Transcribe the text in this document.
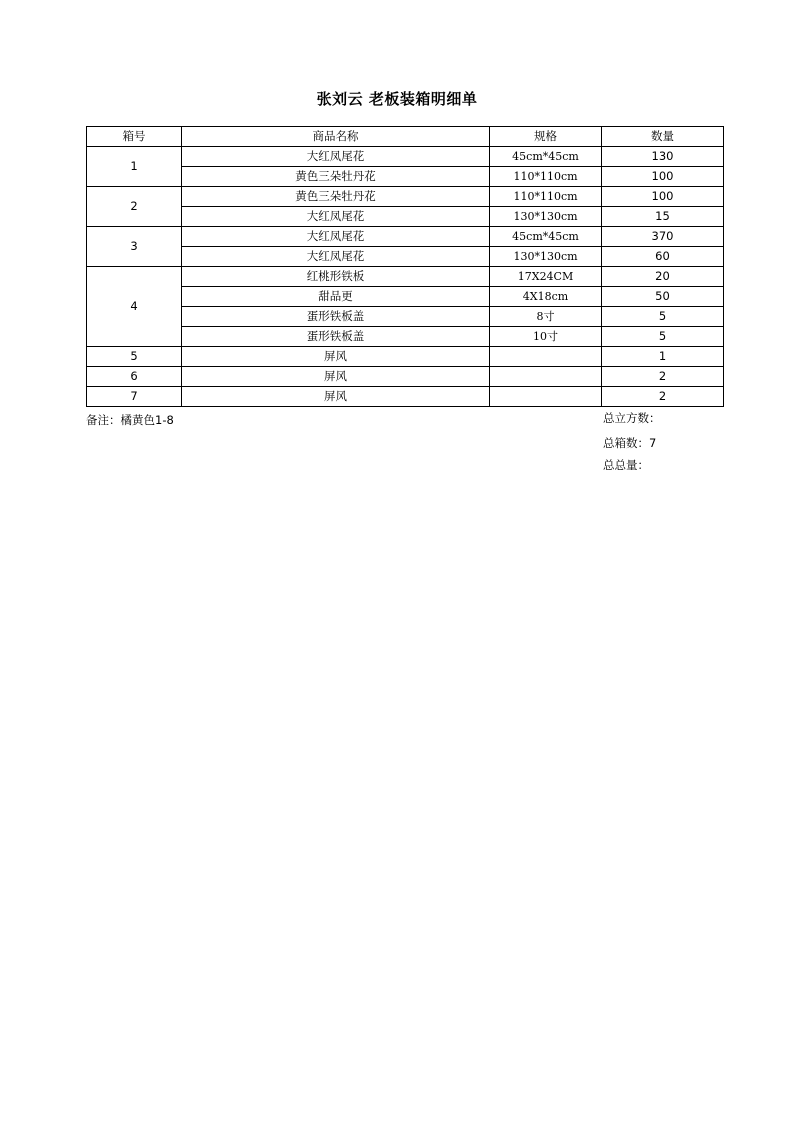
张刘云 老板装箱明细单
箱号	商品名称	规格	数量
1	大红凤尾花	45cm*45cm	130
	黄色三朵牡丹花	110*110cm	100
2	黄色三朵牡丹花	110*110cm	100
	大红凤尾花	130*130cm	15
3	大红凤尾花	45cm*45cm	370
	大红凤尾花	130*130cm	60
4	红桃形铁板	17X24CM	20
	甜品更	4X18cm	50
	蛋形铁板盖	8寸	5
	蛋形铁板盖	10寸	5
5	屏风		1
6	屏风		2
7	屏风		2
备注：橘黄色1-8	总立方数：
总箱数：7
总总量：
